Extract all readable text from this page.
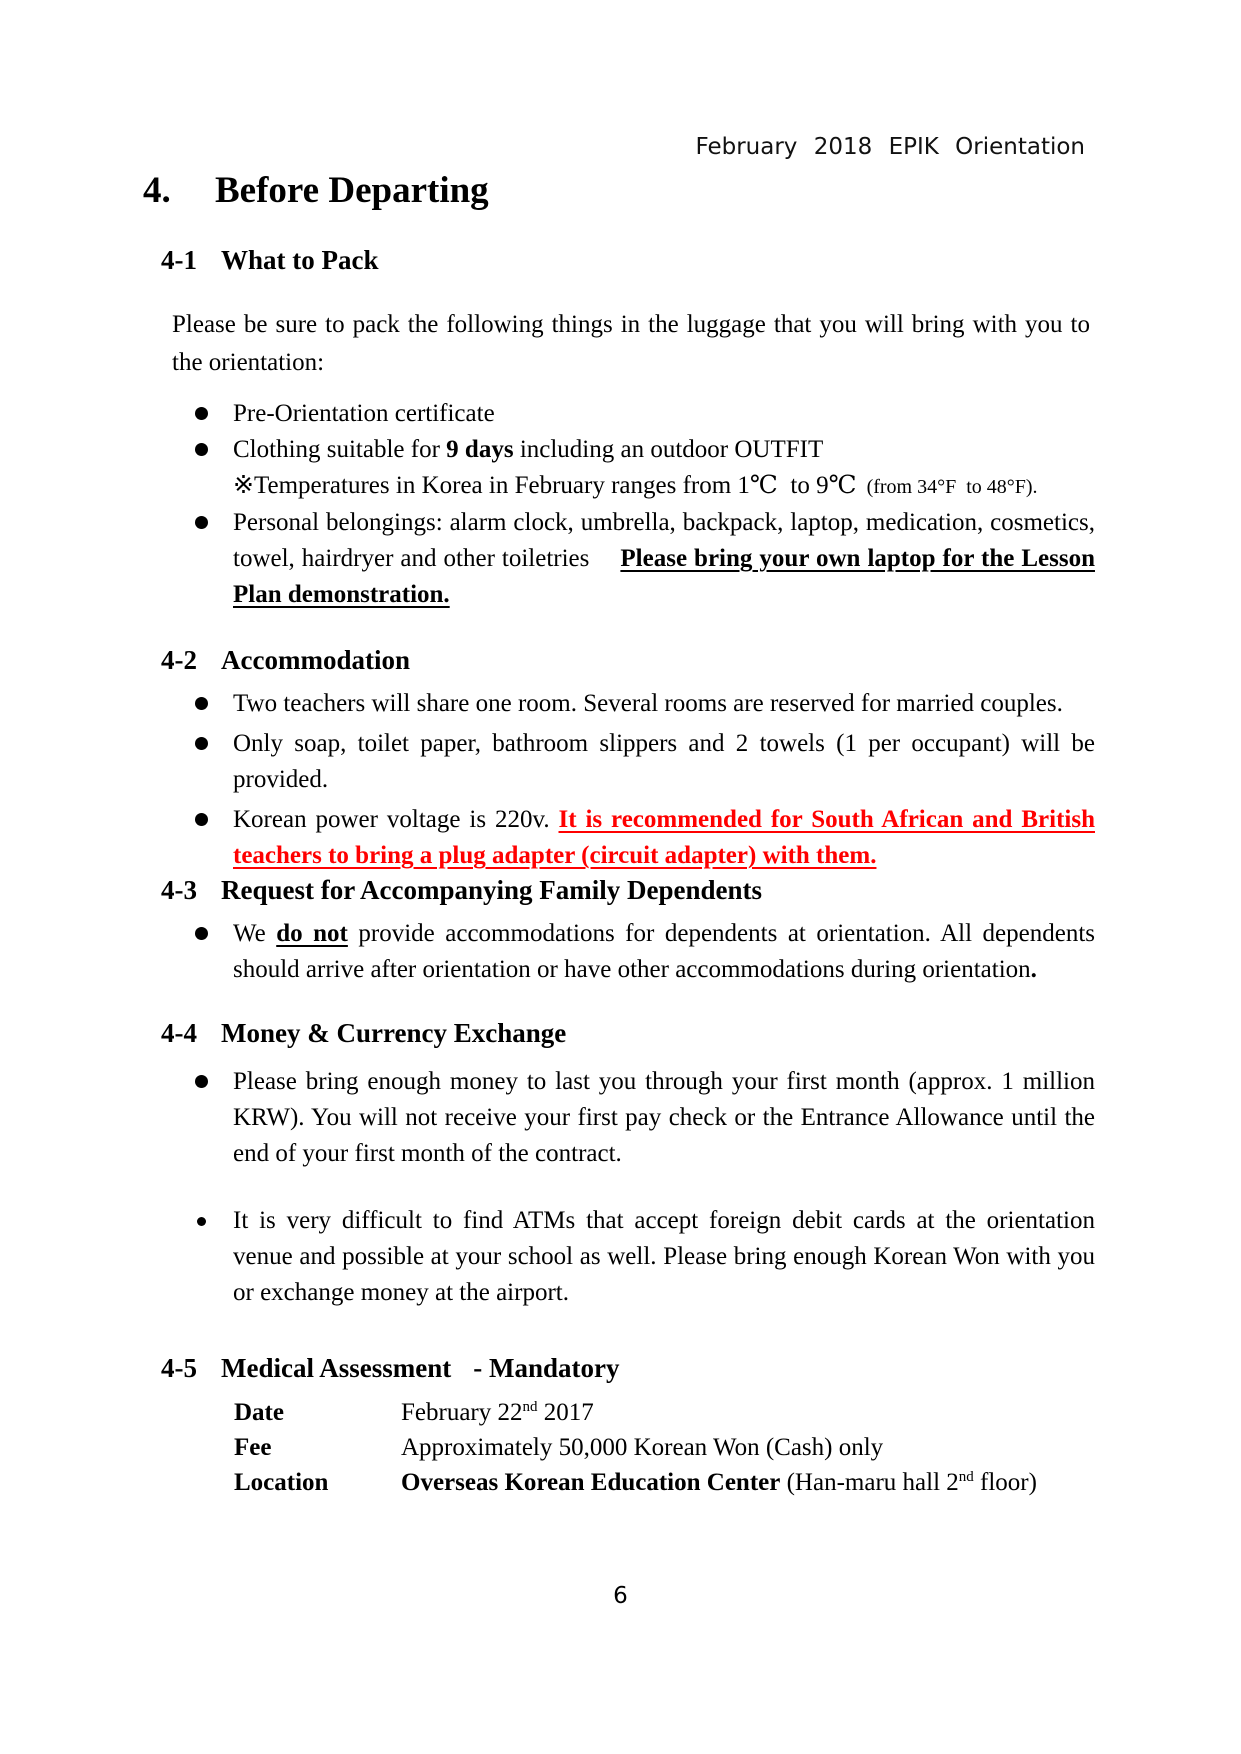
February 2018 EPIK Orientation
4. Before Departing
4-1 What to Pack

Please be sure to pack the following things in the luggage that you will bring with you to the orientation:

Pre-Orientation certificate
Clothing suitable for 9 days including an outdoor OUTFIT
※Temperatures in Korea in February ranges from 1℃  to 9℃  (from 34°F  to 48°F).
Personal belongings: alarm clock, umbrella, backpack, laptop, medication, cosmetics, towel, hairdryer and other toiletries Please bring your own laptop for the Lesson Plan demonstration.
4-2 Accommodation
Two teachers will share one room. Several rooms are reserved for married couples.
Only soap, toilet paper, bathroom slippers and 2 towels (1 per occupant) will be provided.
Korean power voltage is 220v. It is recommended for South African and British teachers to bring a plug adapter (circuit adapter) with them.
4-3 Request for Accompanying Family Dependents
We do not provide accommodations for dependents at orientation. All dependents should arrive after orientation or have other accommodations during orientation.
4-4 Money & Currency Exchange
Please bring enough money to last you through your first month (approx. 1 million KRW). You will not receive your first pay check or the Entrance Allowance until the end of your first month of the contract.
It is very difficult to find ATMs that accept foreign debit cards at the orientation venue and possible at your school as well. Please bring enough Korean Won with you or exchange money at the airport.
4-5 Medical Assessment - Mandatory
Date	February 22nd 2017
Fee	Approximately 50,000 Korean Won (Cash) only
Location	Overseas Korean Education Center (Han-maru hall 2nd floor)
6
